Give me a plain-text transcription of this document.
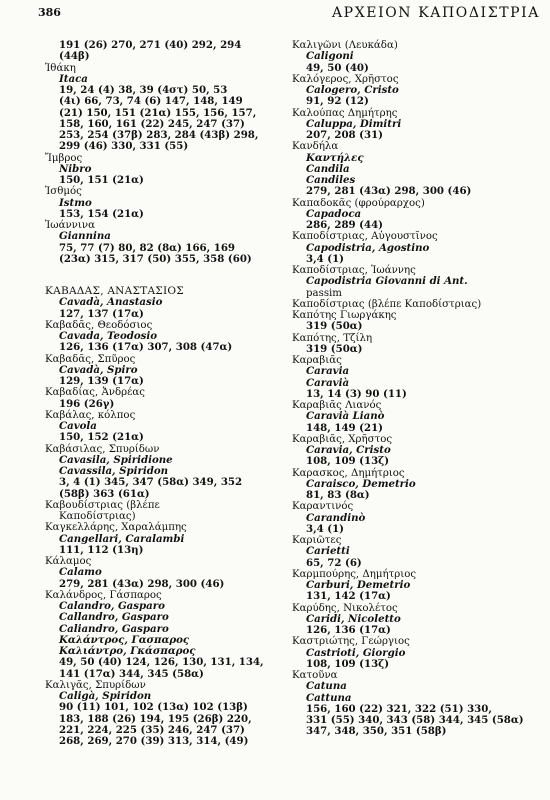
386	ΑΡΧΕΙΟΝ ΚΑΠΟΔΙΣΤΡΙΑ
191 (26) 270, 271 (40) 292, 294
(44β)
Ἰθάκη
Itaca
19, 24 (4) 38, 39 (4στ) 50, 53
(4ι) 66, 73, 74 (6) 147, 148, 149
(21) 150, 151 (21α) 155, 156, 157,
158, 160, 161 (22) 245, 247 (37)
253, 254 (37β) 283, 284 (43β) 298,
299 (46) 330, 331 (55)
Ἴμβρος
Nibro
150, 151 (21α)
Ἰσθμός
Istmo
153, 154 (21α)
Ἰωάννινα
Giannina
75, 77 (7) 80, 82 (8α) 166, 169
(23α) 315, 317 (50) 355, 358 (60)
ΚΑΒΑΔΑΣ, ΑΝΑΣΤΑΣΙΟΣ
Cavadà, Anastasio
127, 137 (17α)
Καβαδᾶς, Θεοδόσιος
Cavada, Teodosio
126, 136 (17α) 307, 308 (47α)
Καβαδᾶς, Σπῦρος
Cavadà, Spiro
129, 139 (17α)
Καβαδίας, Ἀνδρέας
196 (26γ)
Καβάλας, κόλπος
Cavola
150, 152 (21α)
Καβάσιλας, Σπυρίδων
Cavasila, Spiridione
Cavassila, Spiridon
3, 4 (1) 345, 347 (58α) 349, 352
(58β) 363 (61α)
Καβουδίστριας (βλέπε
Καποδίστριας)
Καγκελλάρης, Χαραλάμπης
Cangellari, Caralambi
111, 112 (13η)
Κάλαμος
Calamo
279, 281 (43α) 298, 300 (46)
Καλάνδρος, Γάσπαρος
Calandro, Gasparo
Callandro, Gasparo
Caliandro, Gasparo
Καλάντρος, Γασπαρος
Καλιάντρο, Γκάσπαρος
49, 50 (40) 124, 126, 130, 131, 134,
141 (17α) 344, 345 (58α)
Καλιγᾶς, Σπυρίδων
Caligà, Spiridon
90 (11) 101, 102 (13α) 102 (13β)
183, 188 (26) 194, 195 (26β) 220,
221, 224, 225 (35) 246, 247 (37)
268, 269, 270 (39) 313, 314, (49)
Καλιγῶνι (Λευκάδα)
Caligoni
49, 50 (40)
Καλόγερος, Χρῆστος
Calogero, Cristo
91, 92 (12)
Καλούπας Δημήτρης
Caluppa, Dimitri
207, 208 (31)
Κανδήλα
Καντήλες
Candila
Candiles
279, 281 (43α) 298, 300 (46)
Καπαδοκᾶς (φρούραρχος)
Capadoca
286, 289 (44)
Καποδίστριας, Αὐγουστῖνος
Capodistria, Agostino
3,4 (1)
Καποδίστριας, Ἰωάννης
Capodistria Giovanni di Ant.
passim
Καποδίστριας (βλέπε Καποδίστριας)
Καπότης Γιωργάκης
319 (50α)
Καπότης, Τζίλη
319 (50α)
Καραβιᾶς
Caravia
Caravià
13, 14 (3) 90 (11)
Καραβιᾶς Λιανός
Caravià Lianò
148, 149 (21)
Καραβιᾶς, Χρῆστος
Caravia, Cristo
108, 109 (13ζ)
Καρασκος, Δημήτριος
Caraisco, Demetrio
81, 83 (8α)
Καραντινός
Carandinò
3,4 (1)
Καριῶτες
Carietti
65, 72 (6)
Καρμπούρης, Δημήτριος
Carburi, Demetrio
131, 142 (17α)
Καρύδης, Νικολέτος
Caridi, Nicoletto
126, 136 (17α)
Καστριώτης, Γεώργιος
Castrioti, Giorgio
108, 109 (13ζ)
Κατοῦνα
Catuna
Cattuna
156, 160 (22) 321, 322 (51) 330,
331 (55) 340, 343 (58) 344, 345 (58α)
347, 348, 350, 351 (58β)
